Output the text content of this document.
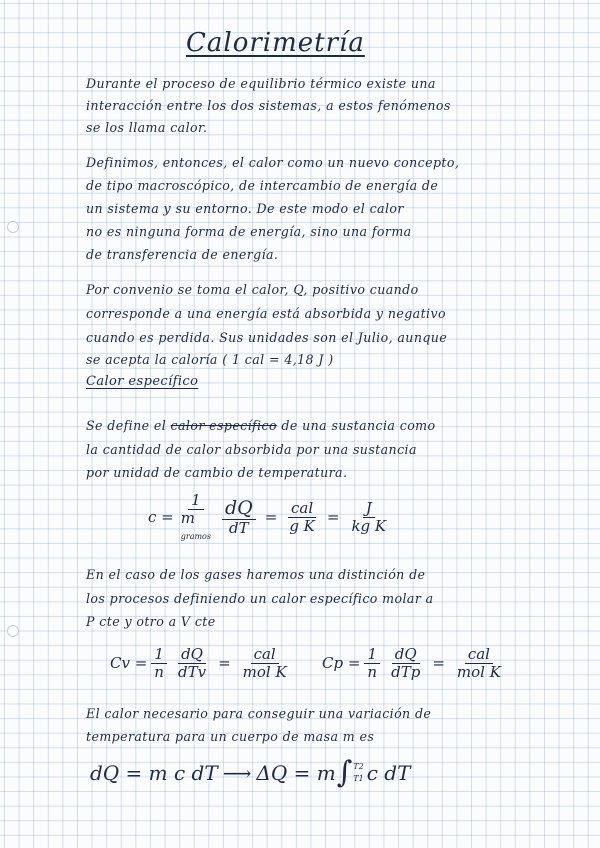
Calorimetría
Durante el proceso de equilibrio térmico existe una
interacción entre los dos sistemas, a estos fenómenos
se los llama calor.
Definimos, entonces, el calor como un nuevo concepto,
de tipo macroscópico, de intercambio de energía de
un sistema y su entorno. De este modo el calor
no es ninguna forma de energía, sino una forma
de transferencia de energía.
Por convenio se toma el calor, Q, positivo cuando
corresponde a una energía está absorbida y negativo
cuando es perdida. Sus unidades son el Julio, aunque
se acepta la caloría ( 1 cal = 4,18 J )
Calor específico
Se define el calor específico de una sustancia como
la cantidad de calor absorbida por una sustancia
por unidad de cambio de temperatura.
c =
1
m
gramos
$\frac{dQ}{dT} = \frac{\text{cal}}{\text{g K}} = \frac{J}{\text{kg K}}$
En el caso de los gases haremos una distinción de
los procesos definiendo un calor específico molar a
P cte y otro a V cte
$Cv = \frac{1}{n} \frac{dQ}{\text{dTv}} = \frac{\text{cal}}{\text{mol K}}$ $Cp = \frac{1}{n} \frac{dQ}{\text{dTp}} = \frac{\text{cal}}{\text{mol K}}$
El calor necesario para conseguir una variación de
temperatura para un cuerpo de masa m es
dQ = m c dT ⟶ ΔQ = m ∫ T2
T1 c dT
